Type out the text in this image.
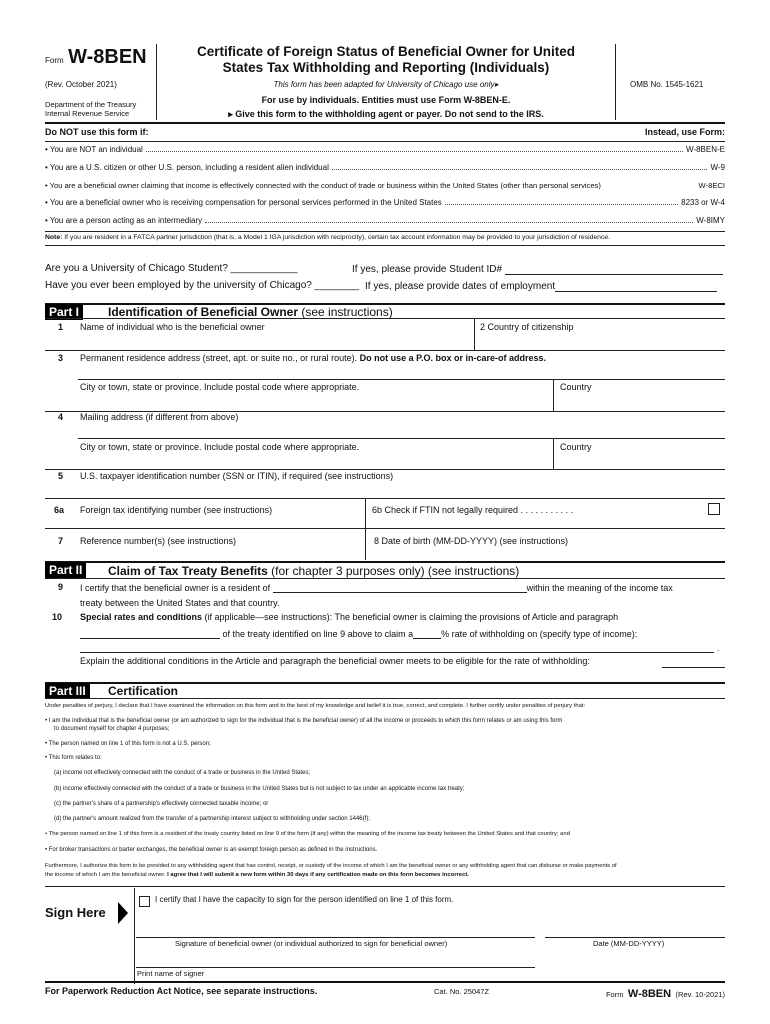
Form W-8BEN
(Rev. October 2021)
Department of the Treasury
Internal Revenue Service
Certificate of Foreign Status of Beneficial Owner for United
States Tax Withholding and Reporting (Individuals)
This form has been adapted for University of Chicago use only▸
For use by individuals. Entities must use Form W-8BEN-E.
▸ Give this form to the withholding agent or payer. Do not send to the IRS.
OMB No. 1545-1621
Do NOT use this form if:	Instead, use Form:
• You are NOT an individual	W-8BEN-E
• You are a U.S. citizen or other U.S. person, including a resident alien individual	W-9
• You are a beneficial owner claiming that income is effectively connected with the conduct of trade or business within the United States (other than personal services)	W-8ECI
• You are a beneficial owner who is receiving compensation for personal services performed in the United States	8233 or W-4
• You are a person acting as an intermediary	W-8IMY
Note: If you are resident in a FATCA partner jurisdiction (that is, a Model 1 IGA jurisdiction with reciprocity), certain tax account information may be provided to your jurisdiction of residence.
Are you a University of Chicago Student? ____________	If yes, please provide Student ID#
Have you ever been employed by the university of Chicago? ________ If yes, please provide dates of employment
Part I	Identification of Beneficial Owner (see instructions)
1 Name of individual who is the beneficial owner	2 Country of citizenship
3 Permanent residence address (street, apt. or suite no., or rural route). Do not use a P.O. box or in-care-of address.
City or town, state or province. Include postal code where appropriate.	Country
4 Mailing address (if different from above)
City or town, state or province. Include postal code where appropriate.	Country
5 U.S. taxpayer identification number (SSN or ITIN), if required (see instructions)
6a Foreign tax identifying number (see instructions)	6b Check if FTIN not legally required . . . . . . . . . . .
7 Reference number(s) (see instructions)	8 Date of birth (MM-DD-YYYY) (see instructions)
Part II	Claim of Tax Treaty Benefits (for chapter 3 purposes only) (see instructions)
9 I certify that the beneficial owner is a resident of	within the meaning of the income tax
treaty between the United States and that country.
10 Special rates and conditions (if applicable—see instructions): The beneficial owner is claiming the provisions of Article and paragraph
of the treaty identified on line 9 above to claim a	% rate of withholding on (specify type of income):
.
Explain the additional conditions in the Article and paragraph the beneficial owner meets to be eligible for the rate of withholding:
Part III	Certification
Under penalties of perjury, I declare that I have examined the information on this form and to the best of my knowledge and belief it is true, correct, and complete. I further certify under penalties of perjury that:
• I am the individual that is the beneficial owner (or am authorized to sign for the individual that is the beneficial owner) of all the income or proceeds to which this form relates or am using this form
to document myself for chapter 4 purposes;
• The person named on line 1 of this form is not a U.S. person;
• This form relates to:
(a) income not effectively connected with the conduct of a trade or business in the United States;
(b) income effectively connected with the conduct of a trade or business in the United States but is not subject to tax under an applicable income tax treaty;
(c) the partner's share of a partnership's effectively connected taxable income; or
(d) the partner's amount realized from the transfer of a partnership interest subject to withholding under section 1446(f);
• The person named on line 1 of this form is a resident of the treaty country listed on line 9 of the form (if any) within the meaning of the income tax treaty between the United States and that country; and
• For broker transactions or barter exchanges, the beneficial owner is an exempt foreign person as defined in the instructions.
Furthermore, I authorize this form to be provided to any withholding agent that has control, receipt, or custody of the income of which I am the beneficial owner or any withholding agent that can disburse or make payments of
the income of which I am the beneficial owner. I agree that I will submit a new form within 30 days if any certification made on this form becomes incorrect.
Sign Here
I certify that I have the capacity to sign for the person identified on line 1 of this form.
Signature of beneficial owner (or individual authorized to sign for beneficial owner)	Date (MM-DD-YYYY)
Print name of signer
For Paperwork Reduction Act Notice, see separate instructions.	Cat. No. 25047Z	Form W-8BEN (Rev. 10-2021)
